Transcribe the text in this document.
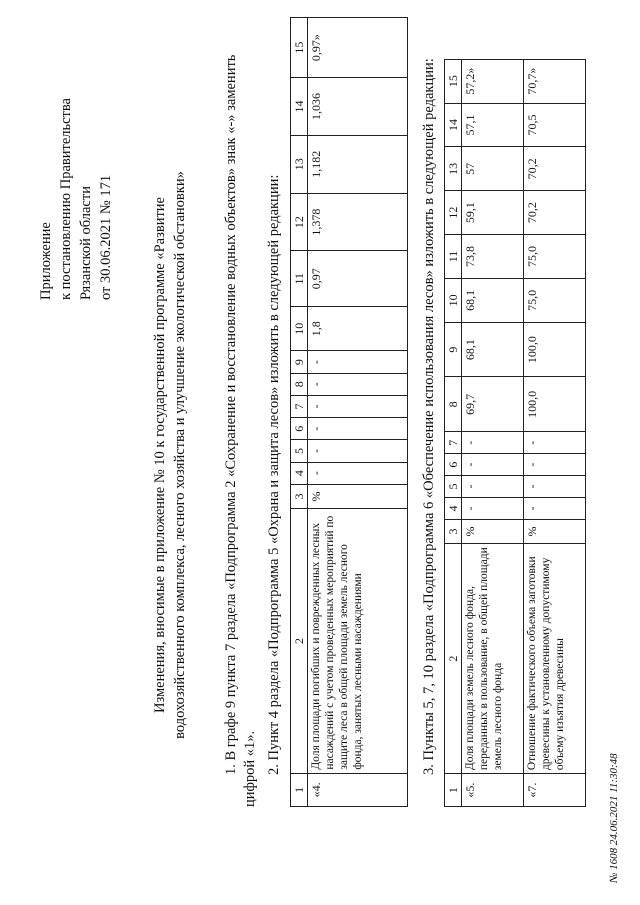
Приложение к постановлению Правительства Рязанской области от 30.06.2021 № 171	Изменения, вносимые в приложение № 10 к государственной программе «Развитие водохозяйственного комплекса, лесного хозяйства и улучшение экологической обстановки» 1. В графе 9 пункта 7 раздела «Подпрограмма 2 «Сохранение и восстановление водных объектов» знак «-» заменить цифрой «1». 2. Пункт 4 раздела «Подпрограмма 5 «Охрана и защита лесов» изложить в следующей редакции:
1	2	3	4	5	6	7	8	9	10	11	12	13	14	15
«4.	Доля площади погибших и поврежденных лесных насаждений с учетом проведенных мероприятий по защите леса в общей площади земель лесного фонда, занятых лесными насаждениями	%	-	-	-	-	-	-	1,8	0,97	1,378	1,182	1,036	0,97»
3. Пункты 5, 7, 10 раздела «Подпрограмма 6 «Обеспечение использования лесов» изложить в следующей редакции:
1	2	3	4	5	6	7	8	9	10	11	12	13	14	15
«5.	Доля площади земель лесного фонда, переданных в пользование, в общей площади земель лесного фонда	%	-	-	-	-	69,7	68,1	68,1	73,8	59,1	57	57,1	57,2»
«7.	Отношение фактического объема заготовки древесины к установленному допустимому объему изъятия древесины	%	-	-	-	-	100,0	100,0	75,0	75,0	70,2	70,2	70,5	70,7»
№ 1608 24.06.2021 11:30:48
